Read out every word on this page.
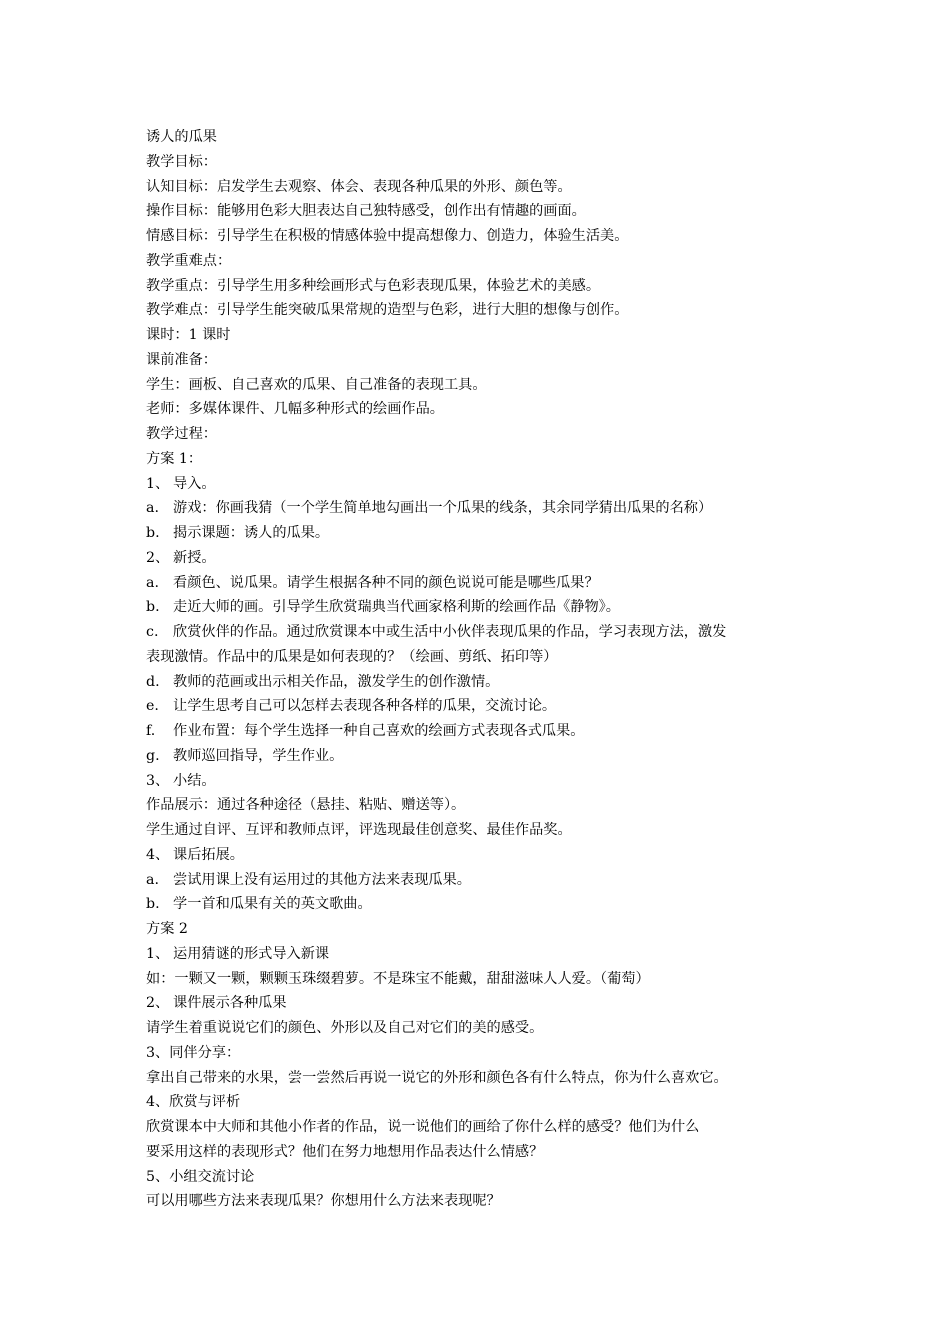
诱人的瓜果
教学目标：
认知目标：启发学生去观察、体会、表现各种瓜果的外形、颜色等。
操作目标：能够用色彩大胆表达自己独特感受，创作出有情趣的画面。
情感目标：引导学生在积极的情感体验中提高想像力、创造力，体验生活美。
教学重难点：
教学重点：引导学生用多种绘画形式与色彩表现瓜果，体验艺术的美感。
教学难点：引导学生能突破瓜果常规的造型与色彩，进行大胆的想像与创作。
课时：1 课时
课前准备：
学生：画板、自己喜欢的瓜果、自己准备的表现工具。
老师：多媒体课件、几幅多种形式的绘画作品。
教学过程：
方案 1：
1、 导入。
a. 游戏：你画我猜（一个学生简单地勾画出一个瓜果的线条，其余同学猜出瓜果的名称）
b. 揭示课题：诱人的瓜果。
2、 新授。
a. 看颜色、说瓜果。请学生根据各种不同的颜色说说可能是哪些瓜果？
b. 走近大师的画。引导学生欣赏瑞典当代画家格利斯的绘画作品《静物》。
c.	欣赏伙伴的作品。通过欣赏课本中或生活中小伙伴表现瓜果的作品，学习表现方法，激发
表现激情。作品中的瓜果是如何表现的？（绘画、剪纸、拓印等）
d. 教师的范画或出示相关作品，激发学生的创作激情。
e. 让学生思考自己可以怎样去表现各种各样的瓜果，交流讨论。
f.	作业布置：每个学生选择一种自己喜欢的绘画方式表现各式瓜果。
g. 教师巡回指导，学生作业。
3、 小结。
作品展示：通过各种途径（悬挂、粘贴、赠送等）。
学生通过自评、互评和教师点评，评选现最佳创意奖、最佳作品奖。
4、 课后拓展。
a. 尝试用课上没有运用过的其他方法来表现瓜果。
b. 学一首和瓜果有关的英文歌曲。
方案 2
1、 运用猜谜的形式导入新课
如：一颗又一颗，颗颗玉珠缀碧萝。不是珠宝不能戴，甜甜滋味人人爱。（葡萄）
2、 课件展示各种瓜果
请学生着重说说它们的颜色、外形以及自己对它们的美的感受。
3、同伴分享：
拿出自己带来的水果，尝一尝然后再说一说它的外形和颜色各有什么特点，你为什么喜欢它。
4、欣赏与评析
欣赏课本中大师和其他小作者的作品，说一说他们的画给了你什么样的感受？他们为什么
要采用这样的表现形式？他们在努力地想用作品表达什么情感？
5、小组交流讨论
可以用哪些方法来表现瓜果？你想用什么方法来表现呢？
